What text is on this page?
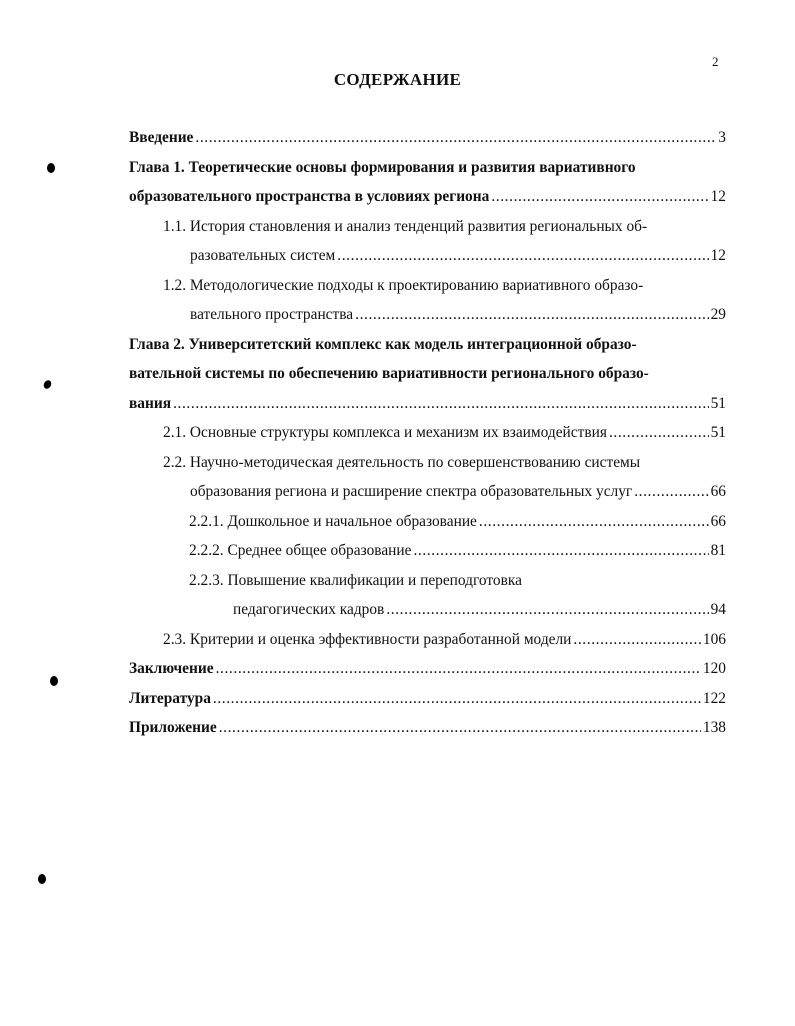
2
СОДЕРЖАНИЕ
Введение .....	3
Глава 1. Теоретические основы формирования и развития вариативного
образовательного пространства в условиях региона .....	12
1.1. История становления и анализ тенденций развития региональных об-
разовательных систем .....	12
1.2. Методологические подходы к проектированию вариативного образо-
вательного пространства .....	29
Глава 2. Университетский комплекс как модель интеграционной образо-
вательной системы по обеспечению вариативности регионального образо-
вания .....	51
2.1. Основные структуры комплекса и механизм их взаимодействия .....	51
2.2. Научно-методическая деятельность по совершенствованию системы
образования региона и расширение спектра образовательных услуг .....	66
2.2.1. Дошкольное и начальное образование .....	66
2.2.2. Среднее общее образование .....	81
2.2.3. Повышение квалификации и переподготовка
педагогических кадров .....	94
2.3. Критерии и оценка эффективности разработанной модели .....	106
Заключение .....	120
Литература .....	122
Приложение .....	138
